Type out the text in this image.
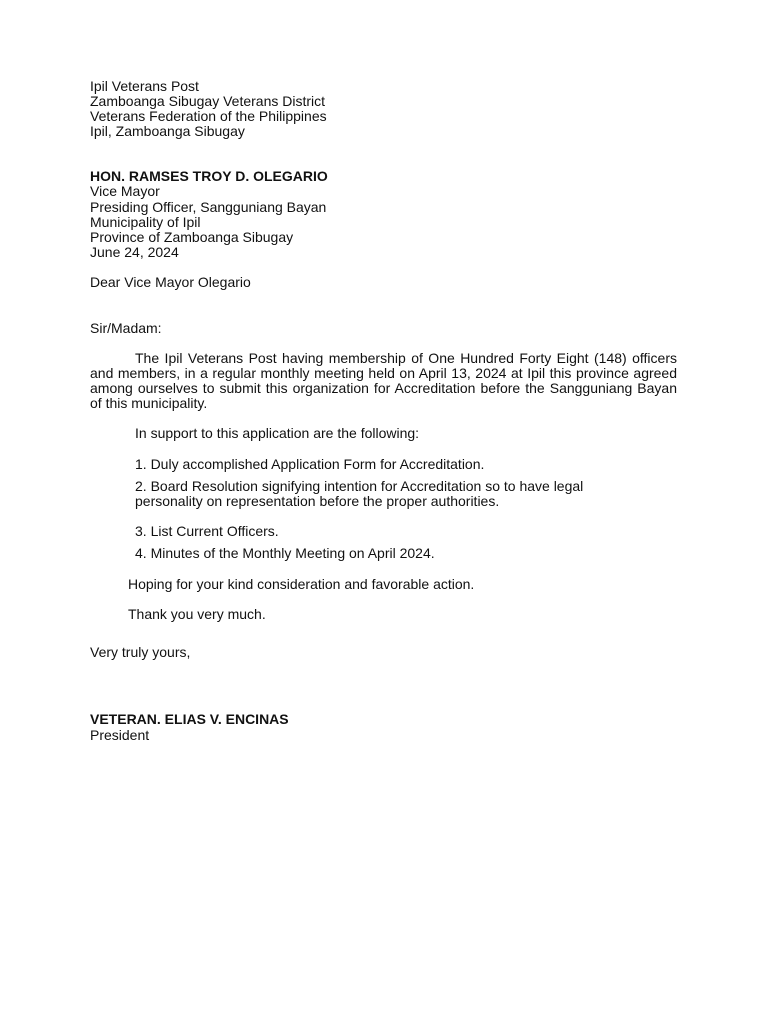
Ipil Veterans Post
Zamboanga Sibugay Veterans District
Veterans Federation of the Philippines
Ipil, Zamboanga Sibugay
HON. RAMSES TROY D. OLEGARIO
Vice Mayor
Presiding Officer, Sangguniang Bayan
Municipality of Ipil
Province of Zamboanga Sibugay
June 24, 2024
Dear Vice Mayor Olegario
Sir/Madam:
The Ipil Veterans Post having membership of One Hundred Forty Eight (148) officers and members, in a regular monthly meeting held on April 13, 2024 at Ipil this province agreed among ourselves to submit this organization for Accreditation before the Sangguniang Bayan of this municipality.
In support to this application are the following:
1. Duly accomplished Application Form for Accreditation.
2. Board Resolution signifying intention for Accreditation so to have legal
personality on representation before the proper authorities.
3. List Current Officers.
4. Minutes of the Monthly Meeting on April 2024.
Hoping for your kind consideration and favorable action.
Thank you very much.
Very truly yours,
VETERAN. ELIAS V. ENCINAS
President
